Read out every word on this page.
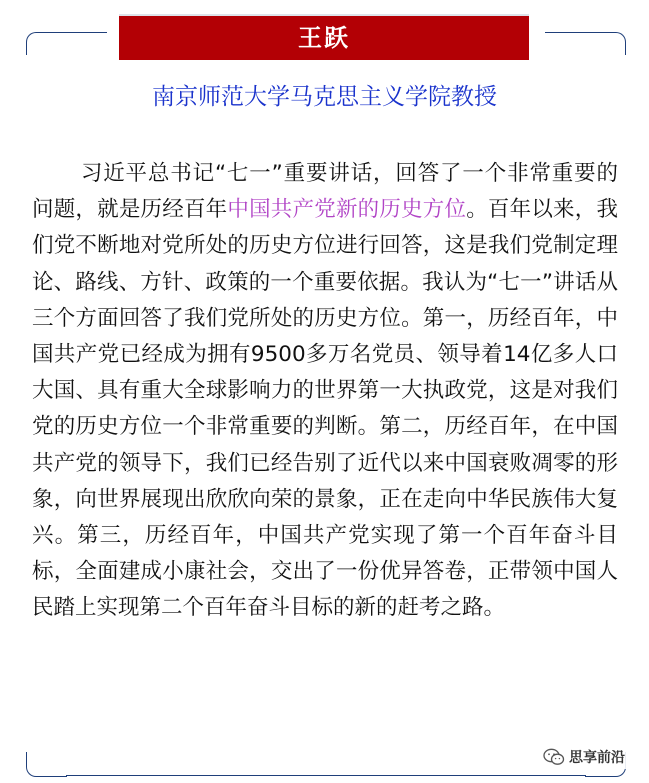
王跃
南京师范大学马克思主义学院教授

习近平总书记“七一”重要讲话，回答了一个非常重要的问题，就是历经百年中国共产党新的历史方位。百年以来，我们党不断地对党所处的历史方位进行回答，这是我们党制定理论、路线、方针、政策的一个重要依据。我认为“七一”讲话从三个方面回答了我们党所处的历史方位。第一，历经百年，中国共产党已经成为拥有9500多万名党员、领导着14亿多人口大国、具有重大全球影响力的世界第一大执政党，这是对我们党的历史方位一个非常重要的判断。第二，历经百年，在中国共产党的领导下，我们已经告别了近代以来中国衰败凋零的形象，向世界展现出欣欣向荣的景象，正在走向中华民族伟大复兴。第三，历经百年，中国共产党实现了第一个百年奋斗目标，全面建成小康社会，交出了一份优异答卷，正带领中国人民踏上实现第二个百年奋斗目标的新的赶考之路。

思享前沿
